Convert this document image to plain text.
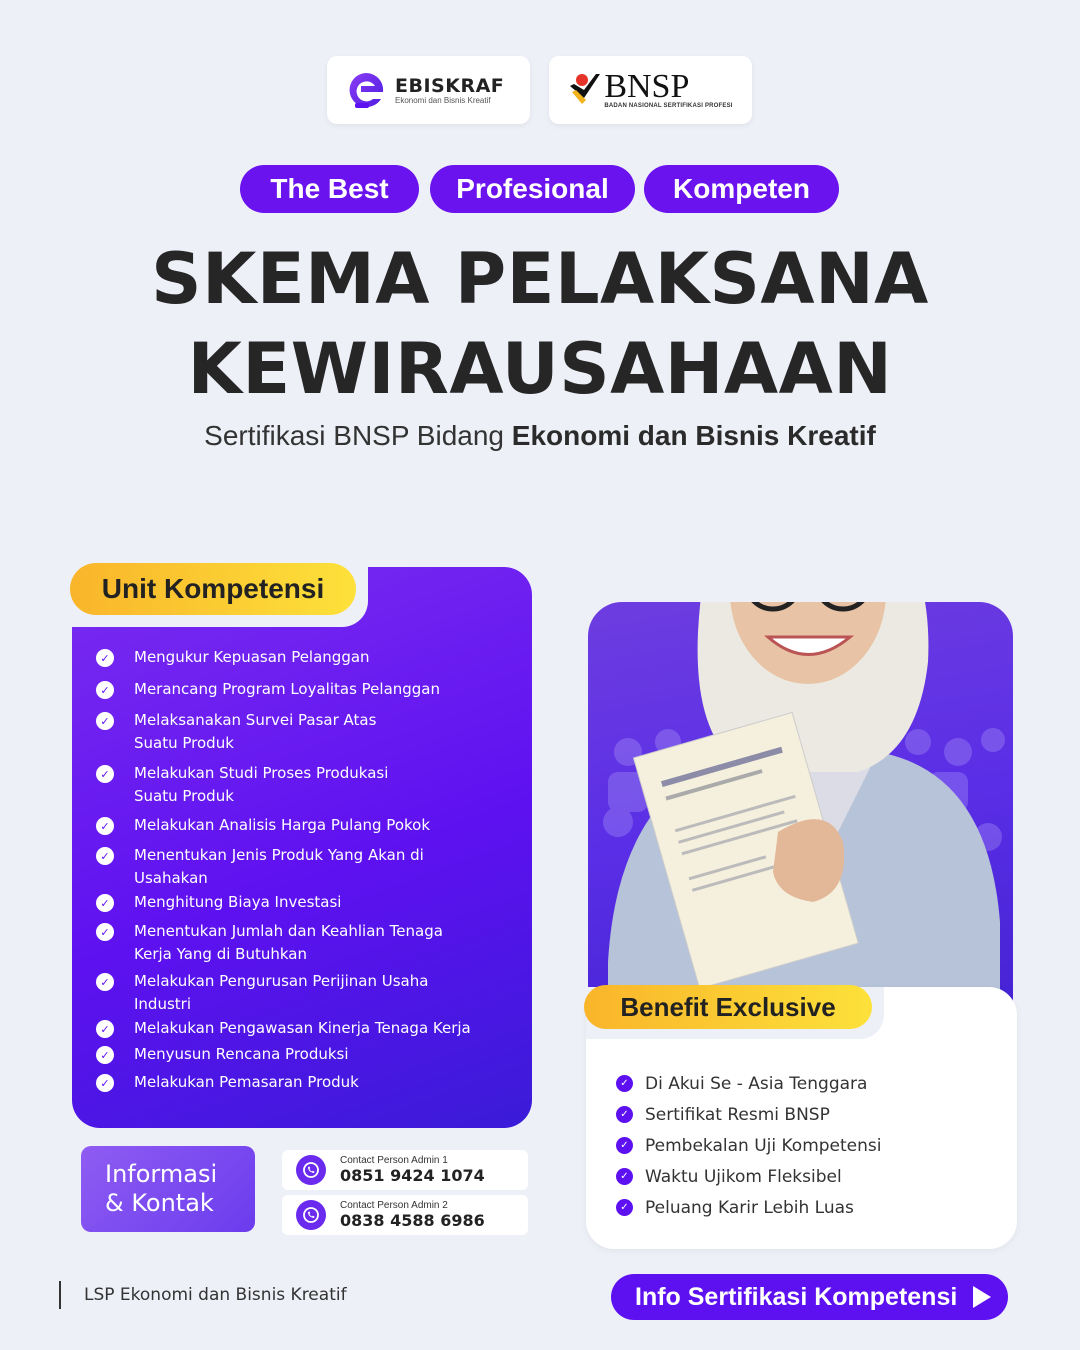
EBISKRAF
Ekonomi dan Bisnis Kreatif	BNSP
BADAN NASIONAL SERTIFIKASI PROFESI
The Best	Profesional	Kompeten
SKEMA PELAKSANA
KEWIRAUSAHAAN
Sertifikasi BNSP Bidang Ekonomi dan Bisnis Kreatif
Unit Kompetensi
✓ Mengukur Kepuasan Pelanggan
✓ Merancang Program Loyalitas Pelanggan
✓ Melaksanakan Survei Pasar Atas Suatu Produk
✓ Melakukan Studi Proses Produkasi Suatu Produk
✓ Melakukan Analisis Harga Pulang Pokok
✓ Menentukan Jenis Produk Yang Akan di Usahakan
✓ Menghitung Biaya Investasi
✓ Menentukan Jumlah dan Keahlian Tenaga Kerja Yang di Butuhkan
✓ Melakukan Pengurusan Perijinan Usaha Industri
✓ Melakukan Pengawasan Kinerja Tenaga Kerja
✓ Menyusun Rencana Produksi
✓ Melakukan Pemasaran Produk
Benefit Exclusive
✓ Di Akui Se - Asia Tenggara
✓ Sertifikat Resmi BNSP
✓ Pembekalan Uji Kompetensi
✓ Waktu Ujikom Fleksibel
✓ Peluang Karir Lebih Luas
Informasi
& Kontak
Contact Person Admin 1
0851 9424 1074
Contact Person Admin 2
0838 4588 6986
LSP Ekonomi dan Bisnis Kreatif	Info Sertifikasi Kompetensi
